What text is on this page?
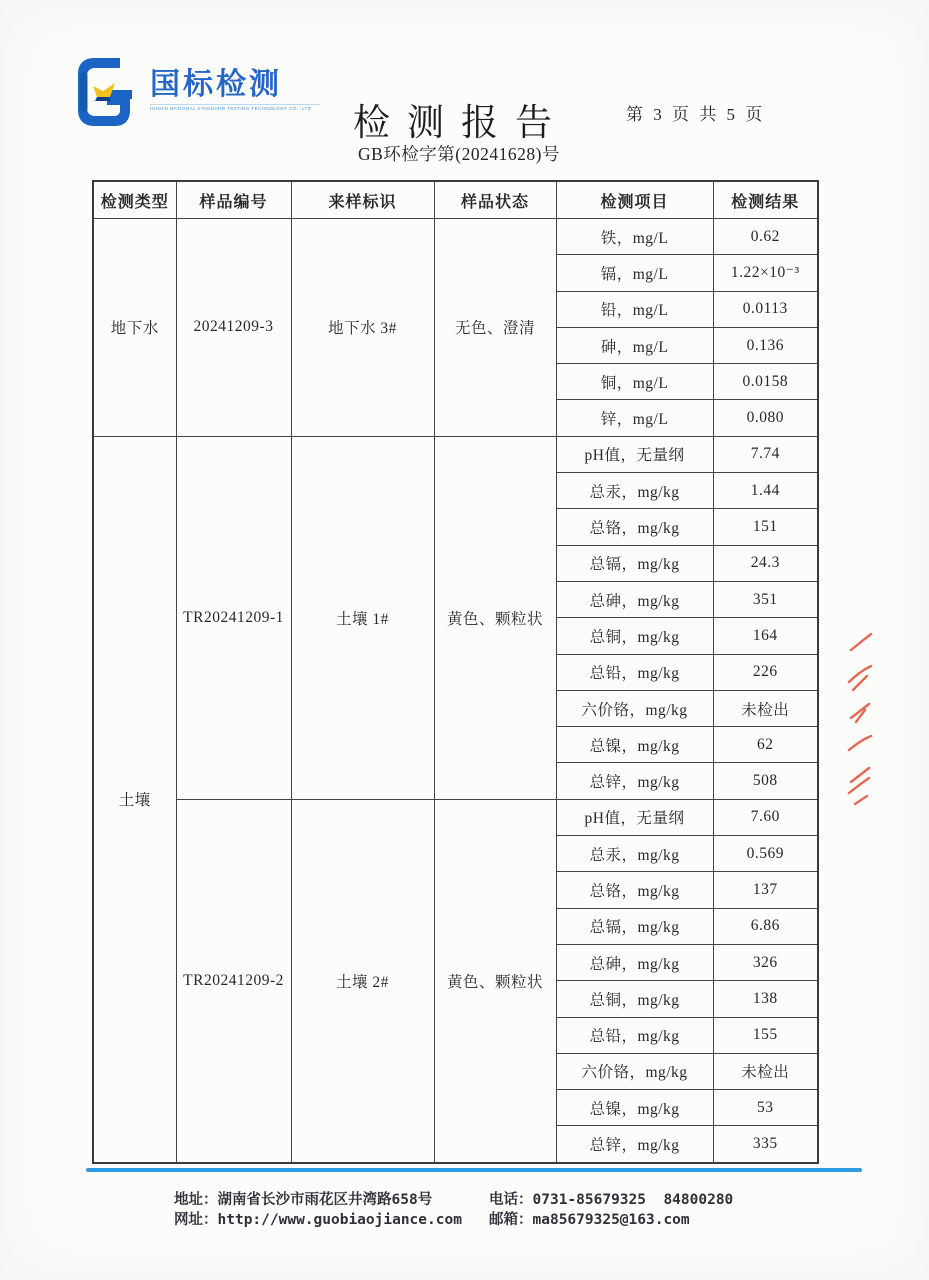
国标检测
HUNAN NATIONAL STANDARD TESTING TECHNOLOGY CO., LTD 检测报告	第 3 页 共 5 页
GB环检字第(20241628)号
检测类型	样品编号	来样标识	样品状态	检测项目	检测结果
地下水	20241209-3	地下水 3#	无色、澄清	铁，mg/L	0.62
				镉，mg/L	1.22×10⁻³
				铅，mg/L	0.0113
				砷，mg/L	0.136
				铜，mg/L	0.0158
				锌，mg/L	0.080
土壤	TR20241209-1	土壤 1#	黄色、颗粒状	pH值，无量纲	7.74
				总汞，mg/kg	1.44
				总铬，mg/kg	151
				总镉，mg/kg	24.3
				总砷，mg/kg	351
				总铜，mg/kg	164
				总铅，mg/kg	226
				六价铬，mg/kg	未检出
				总镍，mg/kg	62
				总锌，mg/kg	508
	TR20241209-2	土壤 2#	黄色、颗粒状	pH值，无量纲	7.60
				总汞，mg/kg	0.569
				总铬，mg/kg	137
				总镉，mg/kg	6.86
				总砷，mg/kg	326
				总铜，mg/kg	138
				总铅，mg/kg	155
				六价铬，mg/kg	未检出
				总镍，mg/kg	53
				总锌，mg/kg	335
地址：湖南省长沙市雨花区井湾路658号	电话：0731-85679325  84800280
网址：http://www.guobiaojiance.com 邮箱：ma85679325@163.com
